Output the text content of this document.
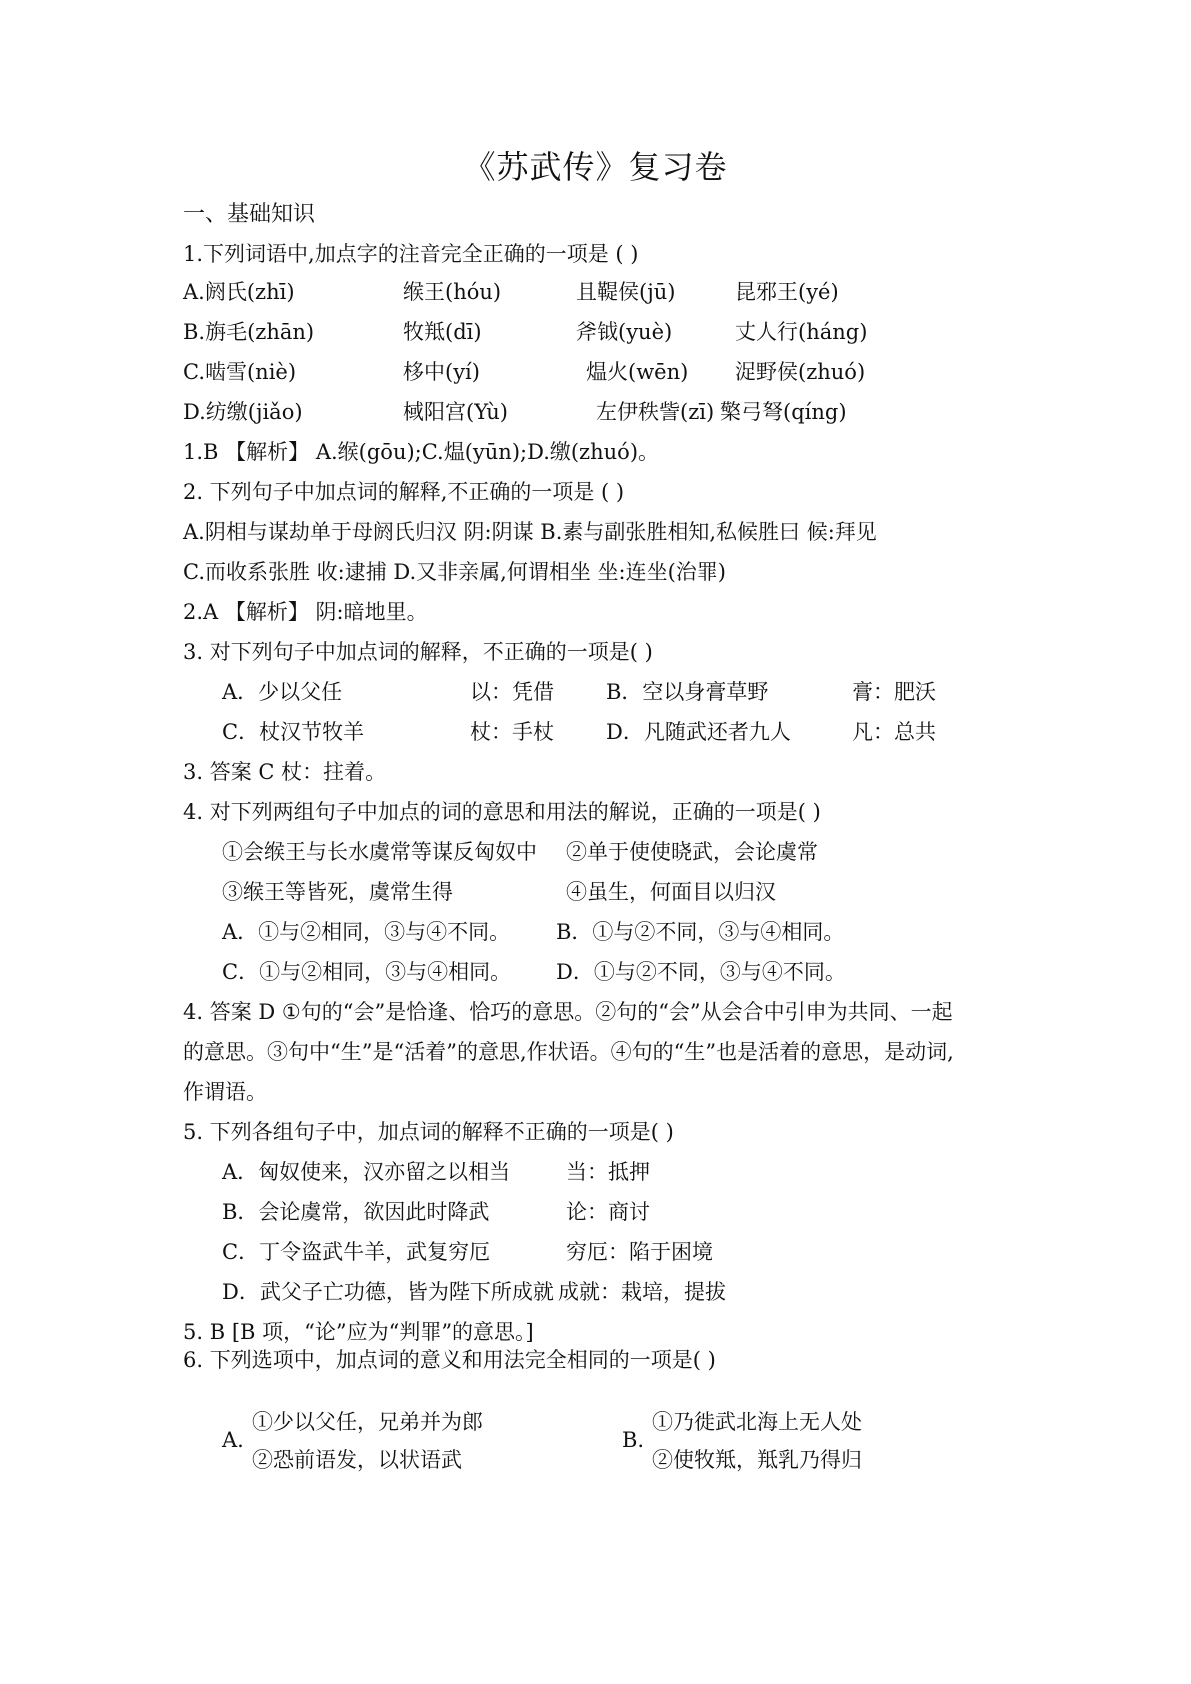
《苏武传》复习卷
一、基础知识
1.下列词语中,加点字的注音完全正确的一项是 ( )
A.阏氏(zhī)	缑王(hóu)	且鞮侯(jū)	昆邪王(yé)
B.旃毛(zhān)	牧羝(dī)	斧钺(yuè)	丈人行(háng)
C.啮雪(niè)	栘中(yí)	煴火(wēn) 浞野侯(zhuó)
D.纺缴(jiǎo)	棫阳宫(Yù)	左伊秩訾(zī) 檠弓弩(qíng)
1.B 【解析】 A.缑(gōu);C.煴(yūn);D.缴(zhuó)。
2. 下列句子中加点词的解释,不正确的一项是 ( )
A.阴相与谋劫单于母阏氏归汉 阴:阴谋 B.素与副张胜相知,私候胜曰 候:拜见
C.而收系张胜 收:逮捕 D.又非亲属,何谓相坐 坐:连坐(治罪)
2.A 【解析】 阴:暗地里。
3. 对下列句子中加点词的解释，不正确的一项是( )
A．少以父任	以：凭借 B．空以身膏草野	膏：肥沃
C．杖汉节牧羊	杖：手杖 D．凡随武还者九人	凡：总共
3. 答案 C 杖：拄着。
4. 对下列两组句子中加点的词的意思和用法的解说，正确的一项是( )
①会缑王与长水虞常等谋反匈奴中 ②单于使使晓武，会论虞常
③缑王等皆死，虞常生得	④虽生，何面目以归汉
A．①与②相同，③与④不同。 B．①与②不同，③与④相同。
C．①与②相同，③与④相同。 D．①与②不同，③与④不同。
4. 答案 D ①句的“会”是恰逢、恰巧的意思。②句的“会”从会合中引申为共同、一起
的意思。③句中“生”是“活着”的意思,作状语。④句的“生”也是活着的意思，是动词,
作谓语。
5. 下列各组句子中，加点词的解释不正确的一项是( )
A．匈奴使来，汉亦留之以相当	当：抵押
B．会论虞常，欲因此时降武	论：商讨
C．丁令盗武牛羊，武复穷厄	穷厄：陷于困境
D．武父子亡功德，皆为陛下所成就 成就：栽培，提拔
5. B [B 项，“论”应为“判罪”的意思。]
6. 下列选项中，加点词的意义和用法完全相同的一项是( )
A.
①少以父任，兄弟并为郎
②恐前语发，以状语武
B.
①乃徙武北海上无人处
②使牧羝，羝乳乃得归
